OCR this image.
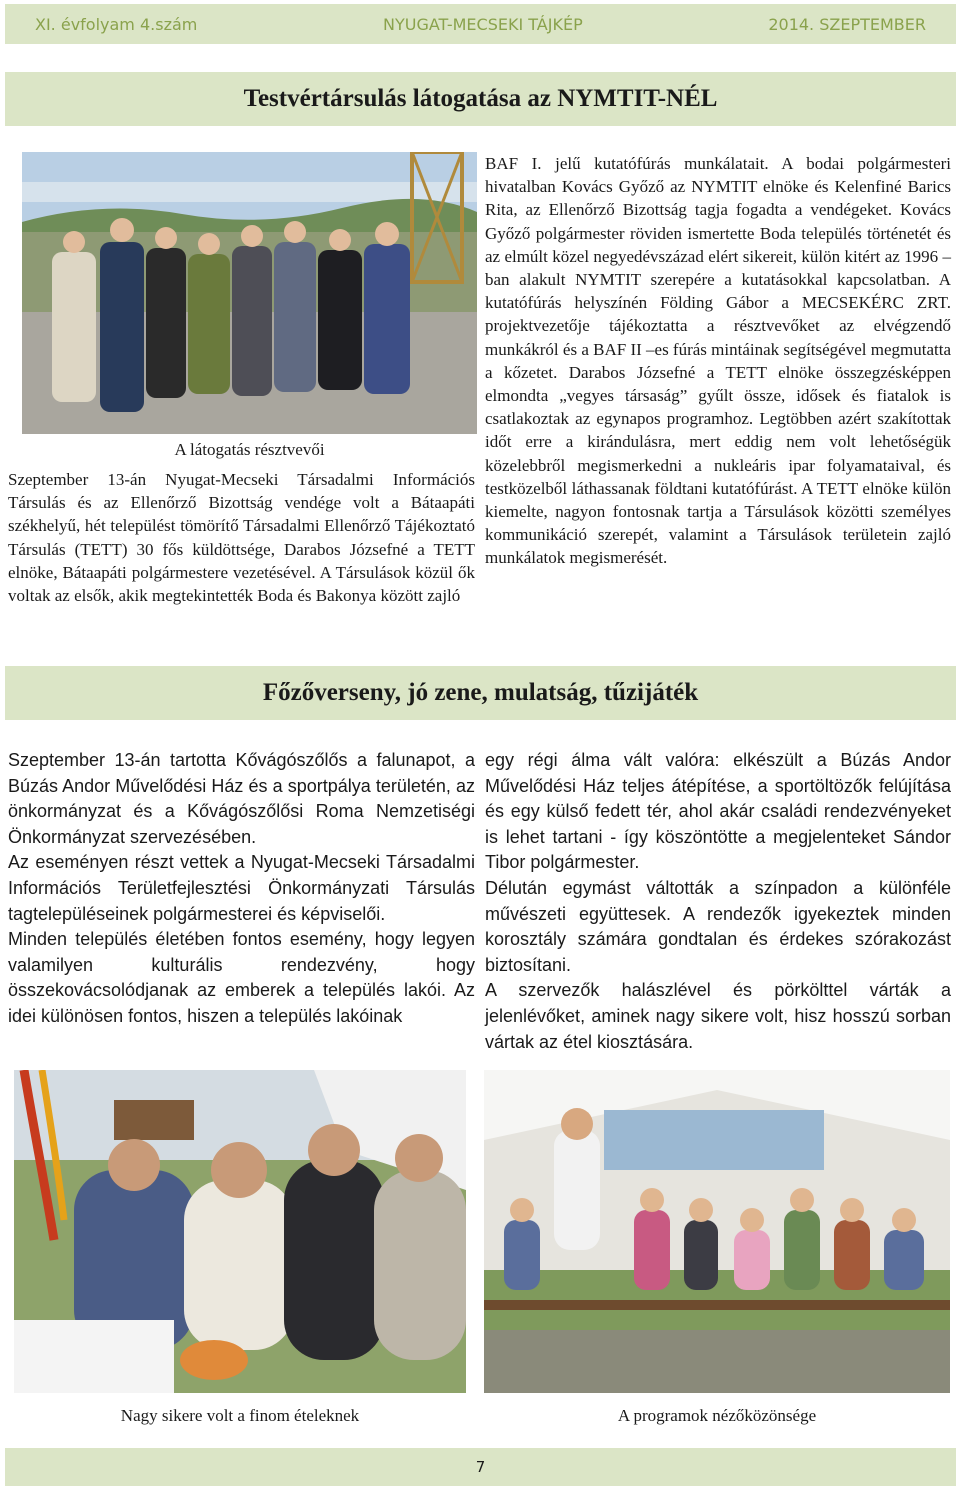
XI. évfolyam 4.szám	NYUGAT-MECSEKI TÁJKÉP	2014. SZEPTEMBER
Testvértársulás látogatása az NYMTIT-NÉL
A látogatás résztvevői

Szeptember 13-án Nyugat-Mecseki Társadalmi Információs Társulás és az Ellenőrző Bizottság vendége volt a Bátaapáti székhelyű, hét települést tömörítő Társadalmi Ellenőrző Tájékoztató Társulás (TETT) 30 fős küldöttsége, Darabos Józsefné a TETT elnöke, Bátaapáti polgármestere vezetésével. A Társulások közül ők voltak az elsők, akik megtekintették Boda és Bakonya között zajló

BAF I. jelű kutatófúrás munkálatait. A bodai polgármesteri hivatalban Kovács Győző az NYMTIT elnöke és Kelenfiné Barics Rita, az Ellenőrző Bizottság tagja fogadta a vendégeket. Kovács Győző polgármester röviden ismertette Boda település történetét és az elmúlt közel negyedévszázad elért sikereit, külön kitért az 1996 – ban alakult NYMTIT szerepére a kutatásokkal kapcsolatban. A kutatófúrás helyszínén Földing Gábor a MECSEKÉRC ZRT. projektvezetője tájékoztatta a résztvevőket az elvégzendő munkákról és a BAF II –es fúrás mintáinak segítségével megmutatta a kőzetet. Darabos Józsefné a TETT elnöke összegzésképpen elmondta „vegyes társaság” gyűlt össze, idősek és fiatalok is csatlakoztak az egynapos programhoz. Legtöbben azért szakítottak időt erre a kirándulásra, mert eddig nem volt lehetőségük közelebbről megismerkedni a nukleáris ipar folyamataival, és testközelből láthassanak földtani kutatófúrást. A TETT elnöke külön kiemelte, nagyon fontosnak tartja a Társulások közötti személyes kommunikáció szerepét, valamint a Társulások területein zajló munkálatok megismerését.

Főzőverseny, jó zene, mulatság, tűzijáték

Szeptember 13-án tartotta Kővágószőlős a falunapot, a Búzás Andor Művelődési Ház és a sportpálya területén, az önkormányzat és a Kővágószőlősi Roma Nemzetiségi Önkormányzat szervezésében.

Az eseményen részt vettek a Nyugat-Mecseki Társadalmi Információs Területfejlesztési Önkormányzati Társulás tagtelepüléseinek polgármesterei és képviselői.

Minden település életében fontos esemény, hogy legyen valamilyen kulturális rendezvény, hogy összekovácsolódjanak az emberek a település lakói. Az idei különösen fontos, hiszen a település lakóinak

egy régi álma vált valóra: elkészült a Búzás Andor Művelődési Ház teljes átépítése, a sportöltözők felújítása és egy külső fedett tér, ahol akár családi rendezvényeket is lehet tartani - így köszöntötte a megjelenteket Sándor Tibor polgármester.

Délután egymást váltották a színpadon a különféle művészeti együttesek. A rendezők igyekeztek minden korosztály számára gondtalan és érdekes szórakozást biztosítani.

A szervezők halászlével és pörkölttel várták a jelenlévőket, aminek nagy sikere volt, hisz hosszú sorban vártak az étel kiosztására.

Nagy sikere volt a finom ételeknek	A programok nézőközönsége
7
